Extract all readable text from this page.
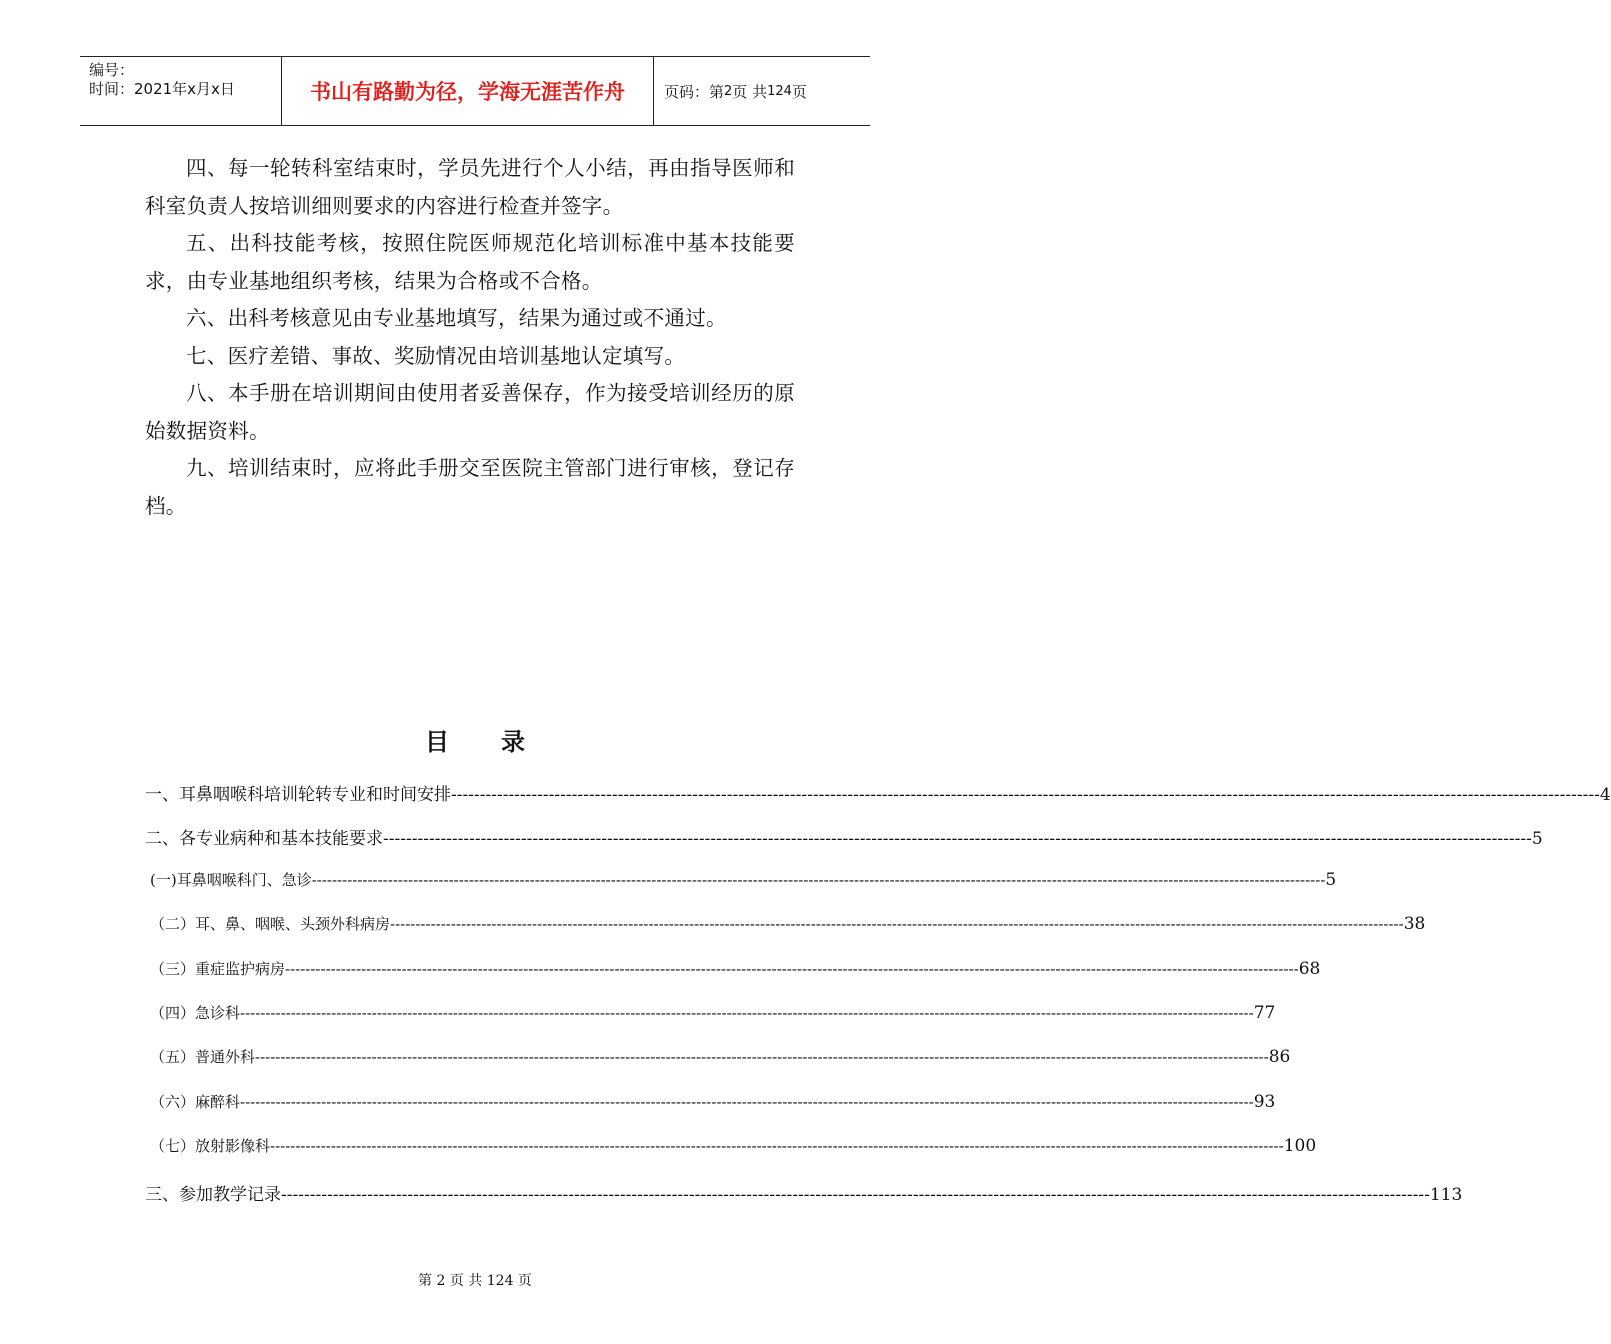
编号：
时间：2021年x月x日	书山有路勤为径，学海无涯苦作舟	页码：第 2 页 共 124 页

四、每一轮转科室结束时，学员先进行个人小结，再由指导医师和科室负责人按培训细则要求的内容进行检查并签字。

五、出科技能考核，按照住院医师规范化培训标准中基本技能要求，由专业基地组织考核，结果为合格或不合格。

六、出科考核意见由专业基地填写，结果为通过或不通过。

七、医疗差错、事故、奖励情况由培训基地认定填写。

八、本手册在培训期间由使用者妥善保存，作为接受培训经历的原始数据资料。

九、培训结束时，应将此手册交至医院主管部门进行审核，登记存档。

目录
一、耳鼻咽喉科培训轮转专业和时间安排 -------------------------------------------------------------------------------------------------------------------------------------------------------------------------------------------------------- 4
二、各专业病种和基本技能要求 -------------------------------------------------------------------------------------------------------------------------------------------------------------------------------------------------------- 5
(一)耳鼻咽喉科门、急诊 -------------------------------------------------------------------------------------------------------------------------------------------------------------------------------------------------------- 5
（二）耳、鼻、咽喉、头颈外科病房 -------------------------------------------------------------------------------------------------------------------------------------------------------------------------------------------------------- 38
（三）重症监护病房 -------------------------------------------------------------------------------------------------------------------------------------------------------------------------------------------------------- 68
（四）急诊科 -------------------------------------------------------------------------------------------------------------------------------------------------------------------------------------------------------- 77
（五）普通外科 -------------------------------------------------------------------------------------------------------------------------------------------------------------------------------------------------------- 86
（六）麻醉科 -------------------------------------------------------------------------------------------------------------------------------------------------------------------------------------------------------- 93
（七）放射影像科 -------------------------------------------------------------------------------------------------------------------------------------------------------------------------------------------------------- 100
三、参加教学记录 -------------------------------------------------------------------------------------------------------------------------------------------------------------------------------------------------------- 113
第 2 页 共 124 页
